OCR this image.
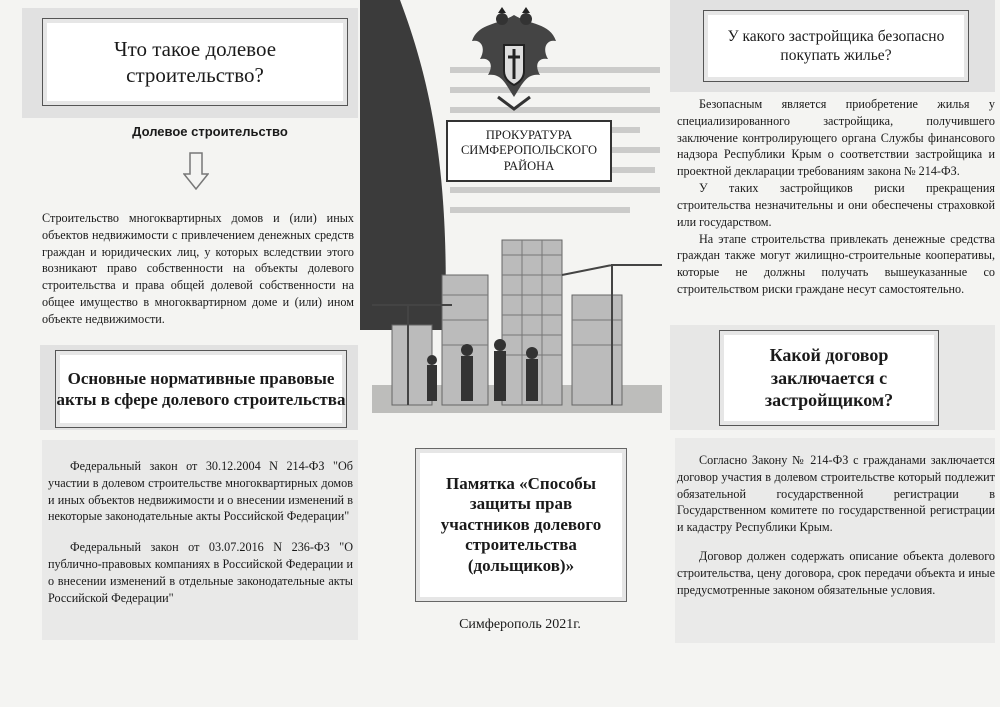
Что такое долевое строительство?
Долевое строительство

Строительство многоквартирных домов и (или) иных объектов недвижимости с привлечением денежных средств граждан и юридических лиц, у которых вследствии этого возникают право собственности на объекты долевого строительства и права общей долевой собственности на общее имущество в многоквартирном доме и (или) ином объекте недвижимости.

Основные нормативные правовые акты в сфере долевого строительства

Федеральный закон от 30.12.2004 N 214-ФЗ "Об участии в долевом строительстве многоквартирных домов и иных объектов недвижимости и о внесении изменений в некоторые законодательные акты Российской Федерации"

Федеральный закон от 03.07.2016 N 236-ФЗ "О публично-правовых компаниях в Российской Федерации и о внесении изменений в отдельные законодательные акты Российской Федерации"

ПРОКУРАТУРА СИМФЕРОПОЛЬСКОГО РАЙОНА
Памятка «Способы защиты прав участников долевого строительства (дольщиков)»
Симферополь 2021г.
У какого застройщика безопасно покупать жилье?

Безопасным является приобретение жилья у специализированного застройщика, получившего заключение контролирующего органа Службы финансового надзора Республики Крым о соответствии застройщика и проектной декларации требованиям закона № 214-ФЗ.

У таких застройщиков риски прекращения строительства незначительны и они обеспечены страховкой или государством.

На этапе строительства привлекать денежные средства граждан также могут жилищно-строительные кооперативы, которые не должны получать вышеуказанные со строительством риски граждане несут самостоятельно.

Какой договор заключается с застройщиком?

Согласно Закону № 214-ФЗ с гражданами заключается договор участия в долевом строительстве который подлежит обязательной государственной регистрации в Государственном комитете по государственной регистрации и кадастру Республики Крым.

Договор должен содержать описание объекта долевого строительства, цену договора, срок передачи объекта и иные предусмотренные законом обязательные условия.
